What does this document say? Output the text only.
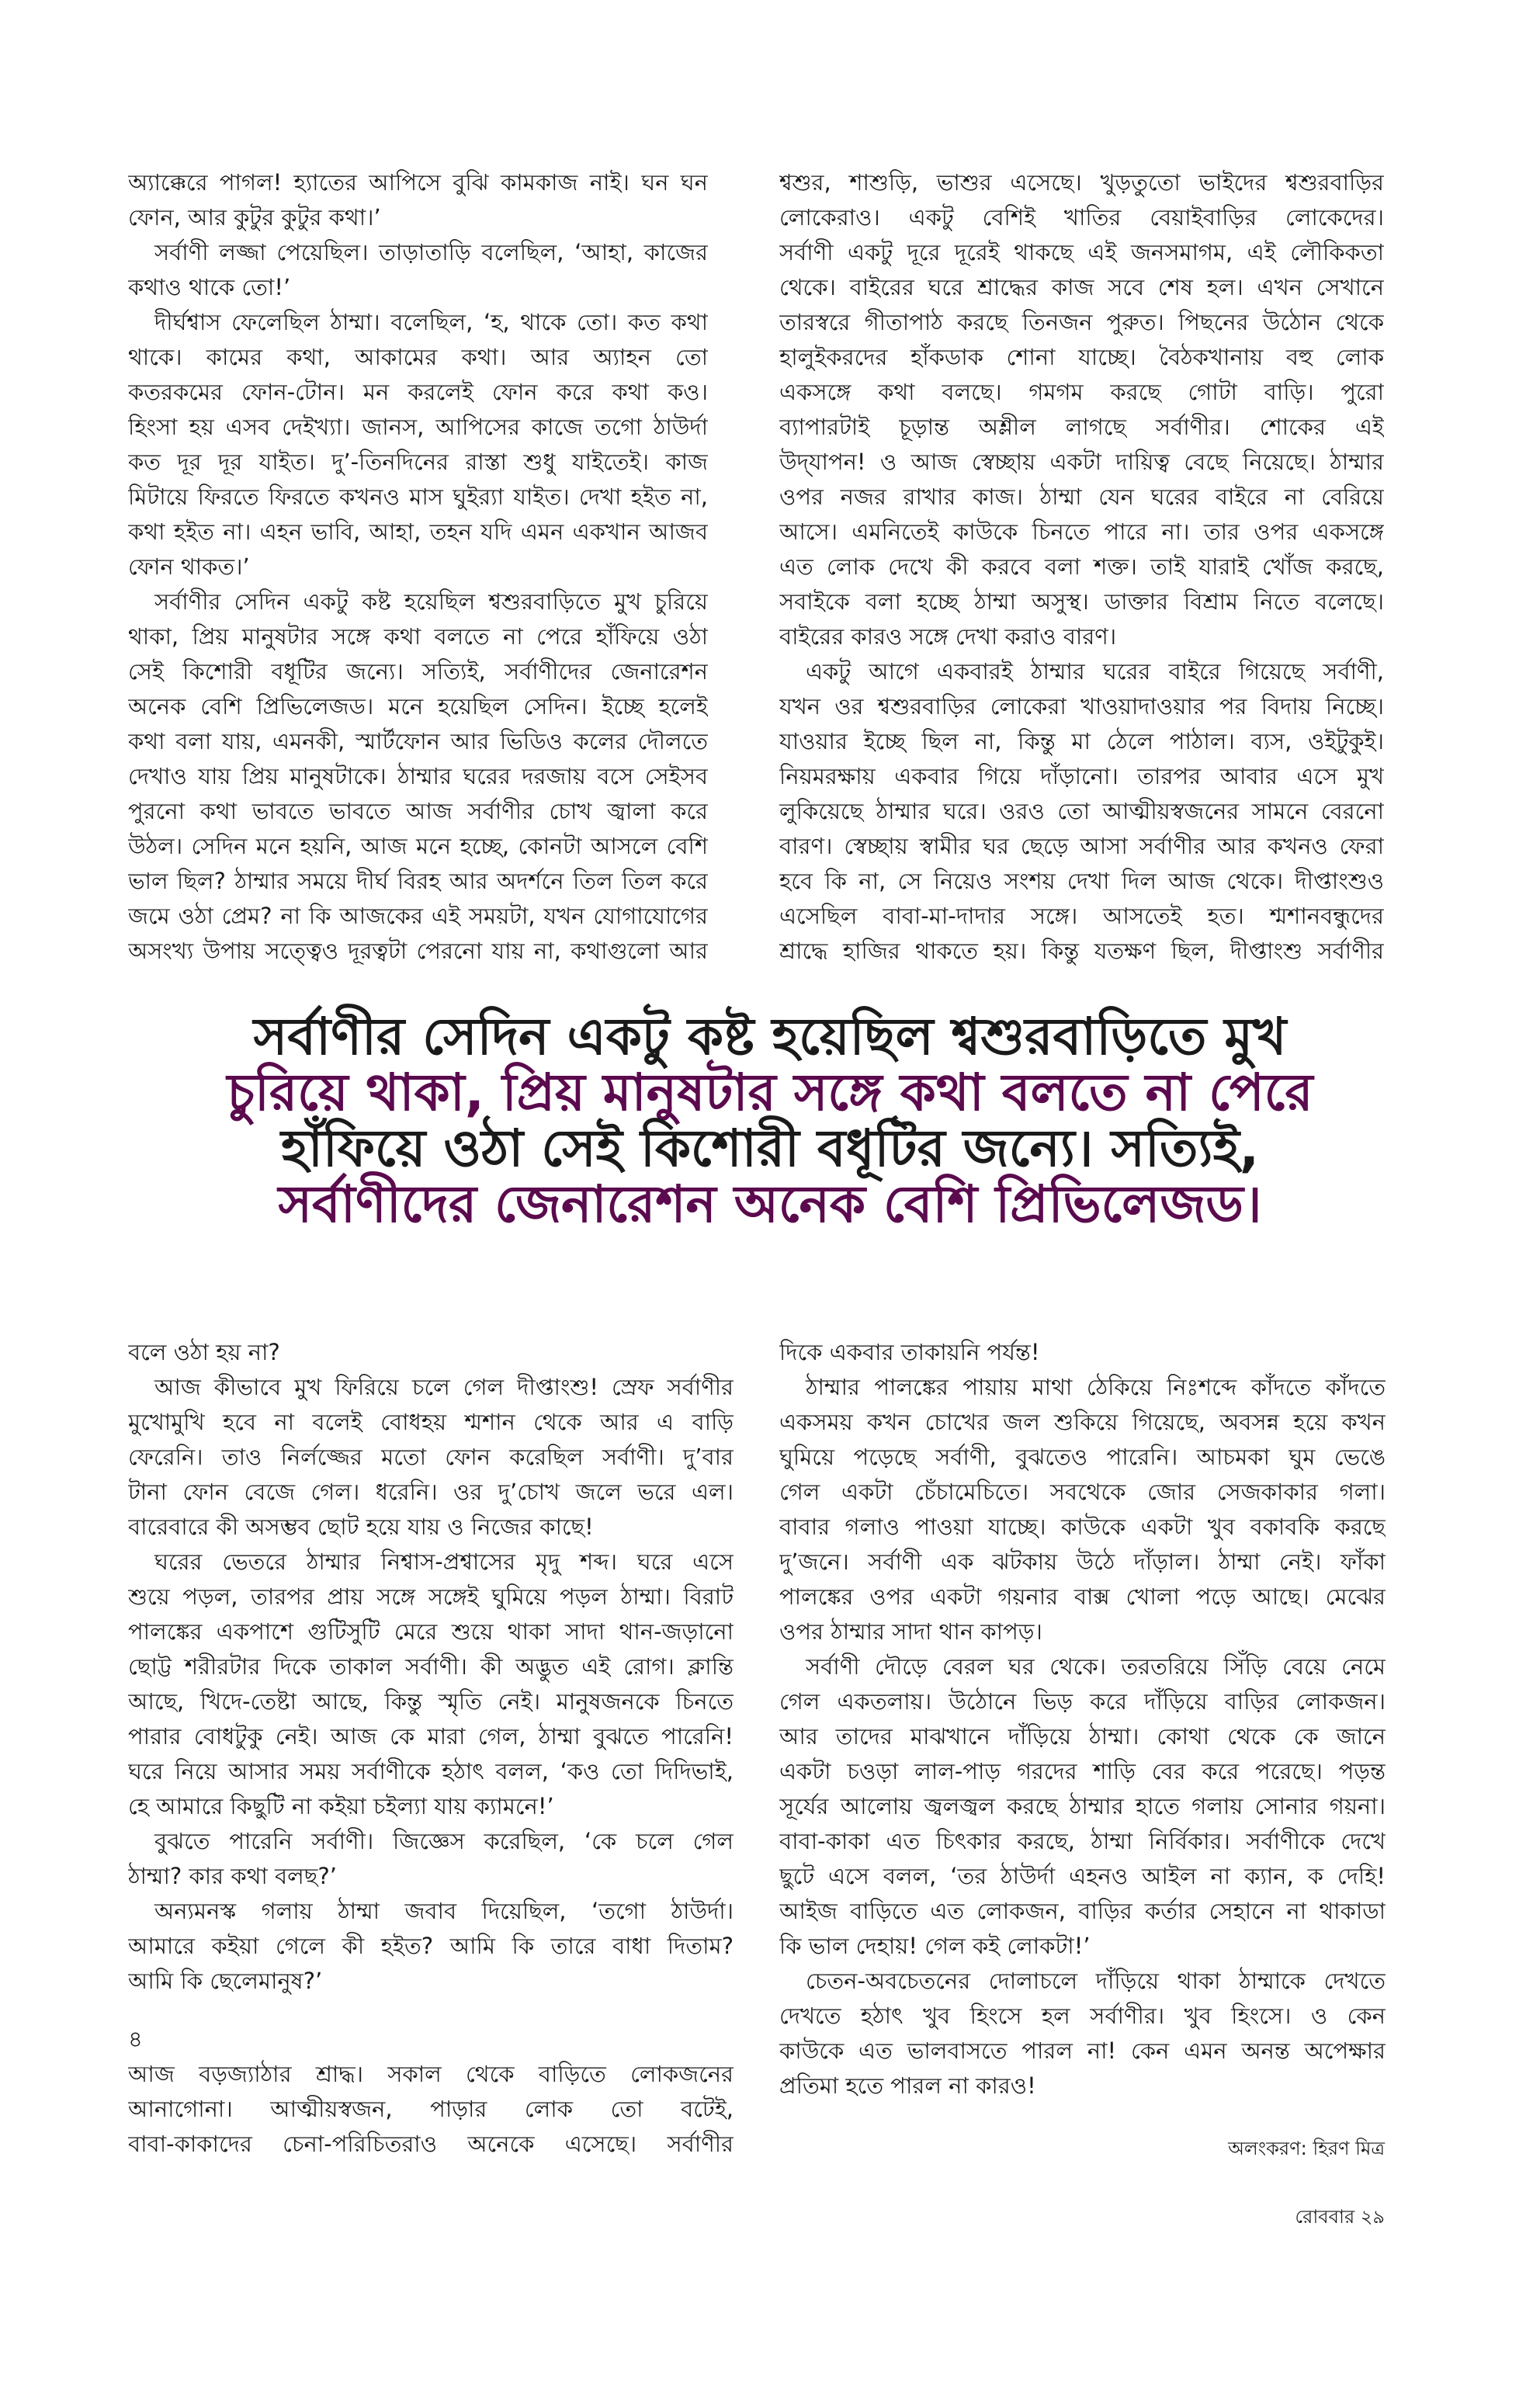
অ্যাক্কেরে পাগল! হ্যাতের আপিসে বুঝি কামকাজ নাই। ঘন ঘন
ফোন, আর কুটুর কুটুর কথা।’
সর্বাণী লজ্জা পেয়েছিল। তাড়াতাড়ি বলেছিল, ‘আহা, কাজের
কথাও থাকে তো!’
দীর্ঘশ্বাস ফেলেছিল ঠাম্মা। বলেছিল, ‘হ, থাকে তো। কত কথা
থাকে। কামের কথা, আকামের কথা। আর অ্যাহন তো
কতরকমের ফোন-টোন। মন করলেই ফোন করে কথা কও।
হিংসা হয় এসব দেইখ্যা। জানস, আপিসের কাজে তগো ঠাউর্দা
কত দূর দূর যাইত। দু’-তিনদিনের রাস্তা শুধু যাইতেই। কাজ
মিটায়ে ফিরতে ফিরতে কখনও মাস ঘুইর‍্যা যাইত। দেখা হইত না,
কথা হইত না। এহন ভাবি, আহা, তহন যদি এমন একখান আজব
ফোন থাকত।’
সর্বাণীর সেদিন একটু কষ্ট হয়েছিল শ্বশুরবাড়িতে মুখ চুরিয়ে
থাকা, প্রিয় মানুষটার সঙ্গে কথা বলতে না পেরে হাঁফিয়ে ওঠা
সেই কিশোরী বধূটির জন্যে। সত্যিই, সর্বাণীদের জেনারেশন
অনেক বেশি প্রিভিলেজড। মনে হয়েছিল সেদিন। ইচ্ছে হলেই
কথা বলা যায়, এমনকী, স্মার্টফোন আর ভিডিও কলের দৌলতে
দেখাও যায় প্রিয় মানুষটাকে। ঠাম্মার ঘরের দরজায় বসে সেইসব
পুরনো কথা ভাবতে ভাবতে আজ সর্বাণীর চোখ জ্বালা করে
উঠল। সেদিন মনে হয়নি, আজ মনে হচ্ছে, কোনটা আসলে বেশি
ভাল ছিল? ঠাম্মার সময়ে দীর্ঘ বিরহ আর অদর্শনে তিল তিল করে
জমে ওঠা প্রেম? না কি আজকের এই সময়টা, যখন যোগাযোগের
অসংখ্য উপায় সত্ত্বেও দূরত্বটা পেরনো যায় না, কথাগুলো আর
শ্বশুর, শাশুড়ি, ভাশুর এসেছে। খুড়তুতো ভাইদের শ্বশুরবাড়ির
লোকেরাও। একটু বেশিই খাতির বেয়াইবাড়ির লোকেদের।
সর্বাণী একটু দূরে দূরেই থাকছে এই জনসমাগম, এই লৌকিকতা
থেকে। বাইরের ঘরে শ্রাদ্ধের কাজ সবে শেষ হল। এখন সেখানে
তারস্বরে গীতাপাঠ করছে তিনজন পুরুত। পিছনের উঠোন থেকে
হালুইকরদের হাঁকডাক শোনা যাচ্ছে। বৈঠকখানায় বহু লোক
একসঙ্গে কথা বলছে। গমগম করছে গোটা বাড়ি। পুরো
ব্যাপারটাই চূড়ান্ত অশ্লীল লাগছে সর্বাণীর। শোকের এই
উদ্‌যাপন! ও আজ স্বেচ্ছায় একটা দায়িত্ব বেছে নিয়েছে। ঠাম্মার
ওপর নজর রাখার কাজ। ঠাম্মা যেন ঘরের বাইরে না বেরিয়ে
আসে। এমনিতেই কাউকে চিনতে পারে না। তার ওপর একসঙ্গে
এত লোক দেখে কী করবে বলা শক্ত। তাই যারাই খোঁজ করছে,
সবাইকে বলা হচ্ছে ঠাম্মা অসুস্থ। ডাক্তার বিশ্রাম নিতে বলেছে।
বাইরের কারও সঙ্গে দেখা করাও বারণ।
একটু আগে একবারই ঠাম্মার ঘরের বাইরে গিয়েছে সর্বাণী,
যখন ওর শ্বশুরবাড়ির লোকেরা খাওয়াদাওয়ার পর বিদায় নিচ্ছে।
যাওয়ার ইচ্ছে ছিল না, কিন্তু মা ঠেলে পাঠাল। ব্যস, ওইটুকুই।
নিয়মরক্ষায় একবার গিয়ে দাঁড়ানো। তারপর আবার এসে মুখ
লুকিয়েছে ঠাম্মার ঘরে। ওরও তো আত্মীয়স্বজনের সামনে বেরনো
বারণ। স্বেচ্ছায় স্বামীর ঘর ছেড়ে আসা সর্বাণীর আর কখনও ফেরা
হবে কি না, সে নিয়েও সংশয় দেখা দিল আজ থেকে। দীপ্তাংশুও
এসেছিল বাবা-মা-দাদার সঙ্গে। আসতেই হত। শ্মশানবন্ধুদের
শ্রাদ্ধে হাজির থাকতে হয়। কিন্তু যতক্ষণ ছিল, দীপ্তাংশু সর্বাণীর
সর্বাণীর সেদিন একটু কষ্ট হয়েছিল শ্বশুরবাড়িতে মুখ
চুরিয়ে থাকা, প্রিয় মানুষটার সঙ্গে কথা বলতে না পেরে
হাঁফিয়ে ওঠা সেই কিশোরী বধূটির জন্যে। সত্যিই,
সর্বাণীদের জেনারেশন অনেক বেশি প্রিভিলেজড।
বলে ওঠা হয় না?
আজ কীভাবে মুখ ফিরিয়ে চলে গেল দীপ্তাংশু! স্রেফ সর্বাণীর
মুখোমুখি হবে না বলেই বোধহয় শ্মশান থেকে আর এ বাড়ি
ফেরেনি। তাও নির্লজ্জের মতো ফোন করেছিল সর্বাণী। দু’বার
টানা ফোন বেজে গেল। ধরেনি। ওর দু’চোখ জলে ভরে এল।
বারেবারে কী অসম্ভব ছোট হয়ে যায় ও নিজের কাছে!
ঘরের ভেতরে ঠাম্মার নিশ্বাস-প্রশ্বাসের মৃদু শব্দ। ঘরে এসে
শুয়ে পড়ল, তারপর প্রায় সঙ্গে সঙ্গেই ঘুমিয়ে পড়ল ঠাম্মা। বিরাট
পালঙ্কের একপাশে গুটিসুটি মেরে শুয়ে থাকা সাদা থান-জড়ানো
ছোট্ট শরীরটার দিকে তাকাল সর্বাণী। কী অদ্ভুত এই রোগ। ক্লান্তি
আছে, খিদে-তেষ্টা আছে, কিন্তু স্মৃতি নেই। মানুষজনকে চিনতে
পারার বোধটুকু নেই। আজ কে মারা গেল, ঠাম্মা বুঝতে পারেনি!
ঘরে নিয়ে আসার সময় সর্বাণীকে হঠাৎ বলল, ‘কও তো দিদিভাই,
হে আমারে কিছুটি না কইয়া চইল্যা যায় ক্যামনে!’
বুঝতে পারেনি সর্বাণী। জিজ্ঞেস করেছিল, ‘কে চলে গেল
ঠাম্মা? কার কথা বলছ?’
অন্যমনস্ক গলায় ঠাম্মা জবাব দিয়েছিল, ‘তগো ঠাউর্দা।
আমারে কইয়া গেলে কী হইত? আমি কি তারে বাধা দিতাম?
আমি কি ছেলেমানুষ?’
৪
আজ বড়জ্যাঠার শ্রাদ্ধ। সকাল থেকে বাড়িতে লোকজনের
আনাগোনা। আত্মীয়স্বজন, পাড়ার লোক তো বটেই,
বাবা-কাকাদের চেনা-পরিচিতরাও অনেকে এসেছে। সর্বাণীর
দিকে একবার তাকায়নি পর্যন্ত!
ঠাম্মার পালঙ্কের পায়ায় মাথা ঠেকিয়ে নিঃশব্দে কাঁদতে কাঁদতে
একসময় কখন চোখের জল শুকিয়ে গিয়েছে, অবসন্ন হয়ে কখন
ঘুমিয়ে পড়েছে সর্বাণী, বুঝতেও পারেনি। আচমকা ঘুম ভেঙে
গেল একটা চেঁচামেচিতে। সবথেকে জোর সেজকাকার গলা।
বাবার গলাও পাওয়া যাচ্ছে। কাউকে একটা খুব বকাবকি করছে
দু’জনে। সর্বাণী এক ঝটকায় উঠে দাঁড়াল। ঠাম্মা নেই। ফাঁকা
পালঙ্কের ওপর একটা গয়নার বাক্স খোলা পড়ে আছে। মেঝের
ওপর ঠাম্মার সাদা থান কাপড়।
সর্বাণী দৌড়ে বেরল ঘর থেকে। তরতরিয়ে সিঁড়ি বেয়ে নেমে
গেল একতলায়। উঠোনে ভিড় করে দাঁড়িয়ে বাড়ির লোকজন।
আর তাদের মাঝখানে দাঁড়িয়ে ঠাম্মা। কোথা থেকে কে জানে
একটা চওড়া লাল-পাড় গরদের শাড়ি বের করে পরেছে। পড়ন্ত
সূর্যের আলোয় জ্বলজ্বল করছে ঠাম্মার হাতে গলায় সোনার গয়না।
বাবা-কাকা এত চিৎকার করছে, ঠাম্মা নির্বিকার। সর্বাণীকে দেখে
ছুটে এসে বলল, ‘তর ঠাউর্দা এহনও আইল না ক্যান, ক দেহি!
আইজ বাড়িতে এত লোকজন, বাড়ির কর্তার সেহানে না থাকাডা
কি ভাল দেহায়! গেল কই লোকটা!’
চেতন-অবচেতনের দোলাচলে দাঁড়িয়ে থাকা ঠাম্মাকে দেখতে
দেখতে হঠাৎ খুব হিংসে হল সর্বাণীর। খুব হিংসে। ও কেন
কাউকে এত ভালবাসতে পারল না! কেন এমন অনন্ত অপেক্ষার
প্রতিমা হতে পারল না কারও!
অলংকরণ: হিরণ মিত্র
রোববার ২৯
